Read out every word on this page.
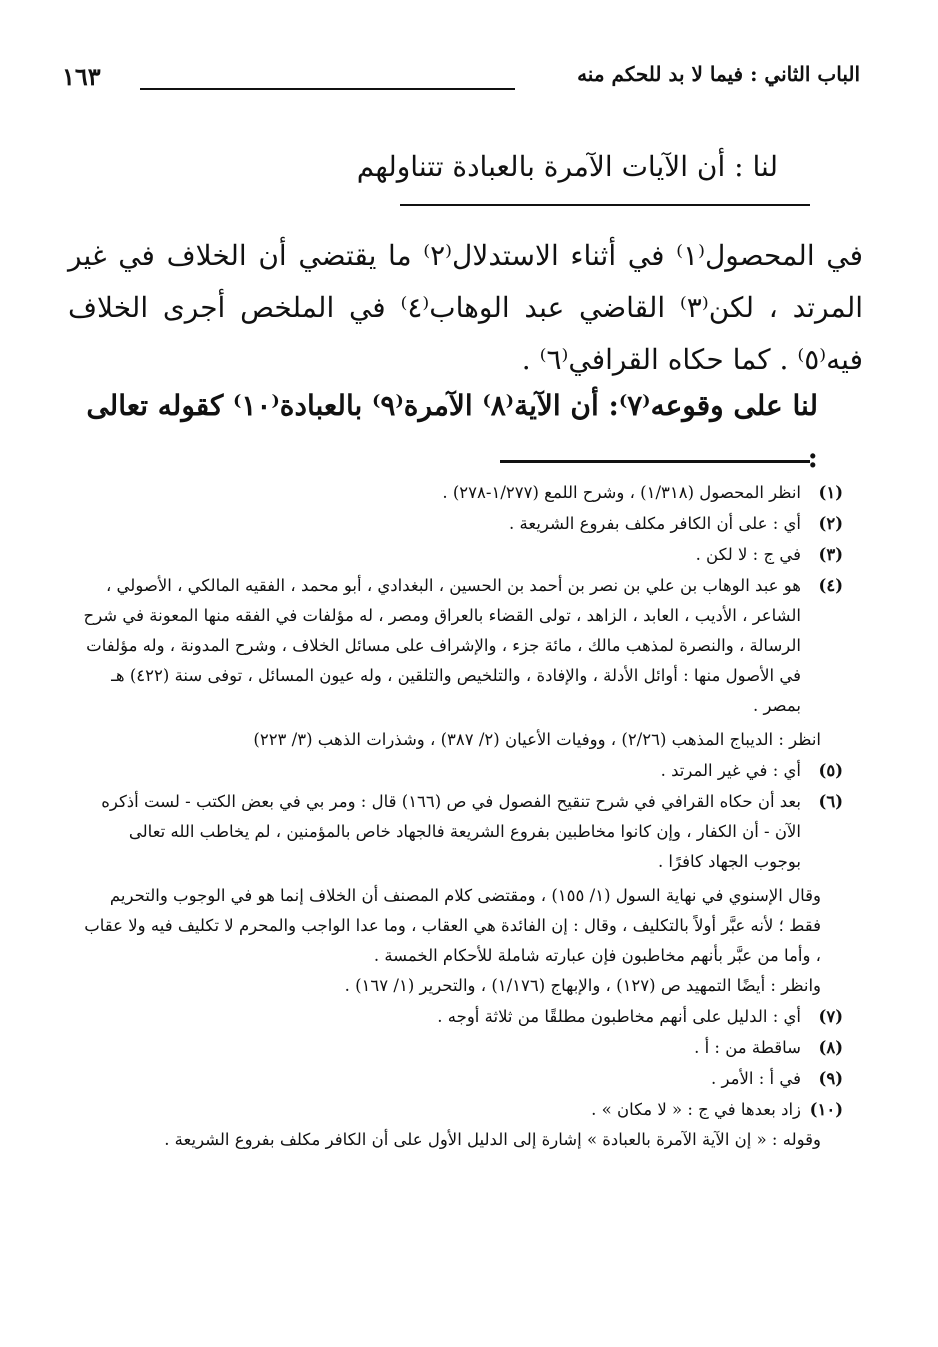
الباب الثاني : فيما لا بد للحكم منه
١٦٣
لنا : أن الآيات الآمرة بالعبادة تتناولهم
في المحصول⁽١⁾ في أثناء الاستدلال⁽٢⁾ ما يقتضي أن الخلاف في غير المرتد ، لكن⁽٣⁾ القاضي عبد الوهاب⁽٤⁾ في الملخص أجرى الخلاف فيه⁽٥⁾ . كما حكاه القرافي⁽٦⁾ .
لنا على وقوعه⁽٧⁾: أن الآية⁽٨⁾ الآمرة⁽٩⁾ بالعبادة⁽١٠⁾ كقوله تعالى :
(١)
انظر المحصول (١/٣١٨) ، وشرح اللمع (١/٢٧٧-٢٧٨) .
(٢)
أي : على أن الكافر مكلف بفروع الشريعة .
(٣)
في ج : لا لكن .
(٤)
هو عبد الوهاب بن علي بن نصر بن أحمد بن الحسين ، البغدادي ، أبو محمد ، الفقيه المالكي ، الأصولي ، الشاعر ، الأديب ، العابد ، الزاهد ، تولى القضاء بالعراق ومصر ، له مؤلفات في الفقه منها المعونة في شرح الرسالة ، والنصرة لمذهب مالك ، مائة جزء ، والإشراف على مسائل الخلاف ، وشرح المدونة ، وله مؤلفات في الأصول منها : أوائل الأدلة ، والإفادة ، والتلخيص والتلقين ، وله عيون المسائل ، توفى سنة (٤٢٢) هـ بمصر .
انظر : الديباج المذهب (٢/٢٦) ، ووفيات الأعيان (٢/ ٣٨٧) ، وشذرات الذهب (٣/ ٢٢٣)
(٥)
أي : في غير المرتد .
(٦)
بعد أن حكاه القرافي في شرح تنقيح الفصول في ص (١٦٦) قال : ومر بي في بعض الكتب - لست أذكره الآن - أن الكفار ، وإن كانوا مخاطبين بفروع الشريعة فالجهاد خاص بالمؤمنين ، لم يخاطب الله تعالى بوجوب الجهاد كافرًا .
وقال الإسنوي في نهاية السول (١/ ١٥٥) ، ومقتضى كلام المصنف أن الخلاف إنما هو في الوجوب والتحريم فقط ؛ لأنه عبَّر أولاً بالتكليف ، وقال : إن الفائدة هي العقاب ، وما عدا الواجب والمحرم لا تكليف فيه ولا عقاب ، وأما من عبَّر بأنهم مخاطبون فإن عبارته شاملة للأحكام الخمسة .
وانظر : أيضًا التمهيد ص (١٢٧) ، والإبهاج (١/١٧٦) ، والتحرير (١/ ١٦٧) .
(٧)
أي : الدليل على أنهم مخاطبون مطلقًا من ثلاثة أوجه .
(٨)
ساقطة من : أ .
(٩)
في أ : الأمر .
(١٠)
زاد بعدها في ج : « لا مكان » .
وقوله : « إن الآية الآمرة بالعبادة » إشارة إلى الدليل الأول على أن الكافر مكلف بفروع الشريعة .
